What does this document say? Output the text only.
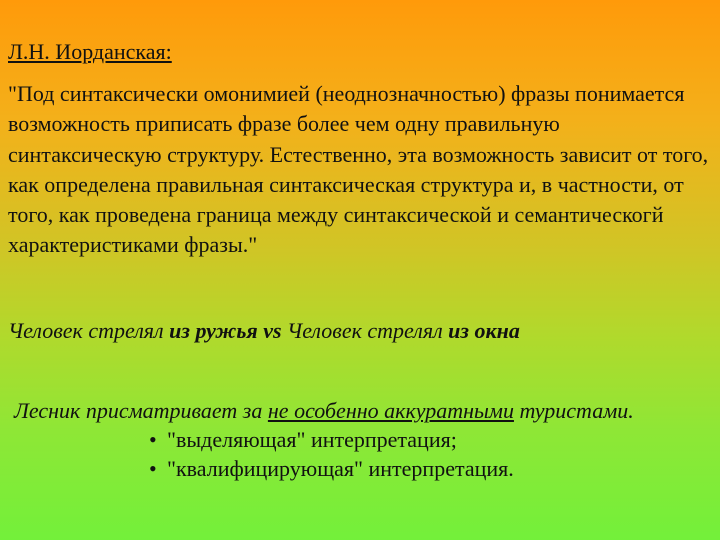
Л.Н. Иорданская:

"Под синтаксически омонимией (неоднозначностью) фразы понимается возможность приписать фразе более чем одну правильную синтаксическую структуру. Естественно, эта возможность зависит от того, как определена правильная синтаксическая структура и, в частности, от того, как проведена граница между синтаксической и семантическогй характеристиками фразы."

Человек стрелял из ружья vs Человек стрелял из окна
Лесник присматривает за не особенно аккуратными туристами.
• "выделяющая" интерпретация;
• "квалифицирующая" интерпретация.
